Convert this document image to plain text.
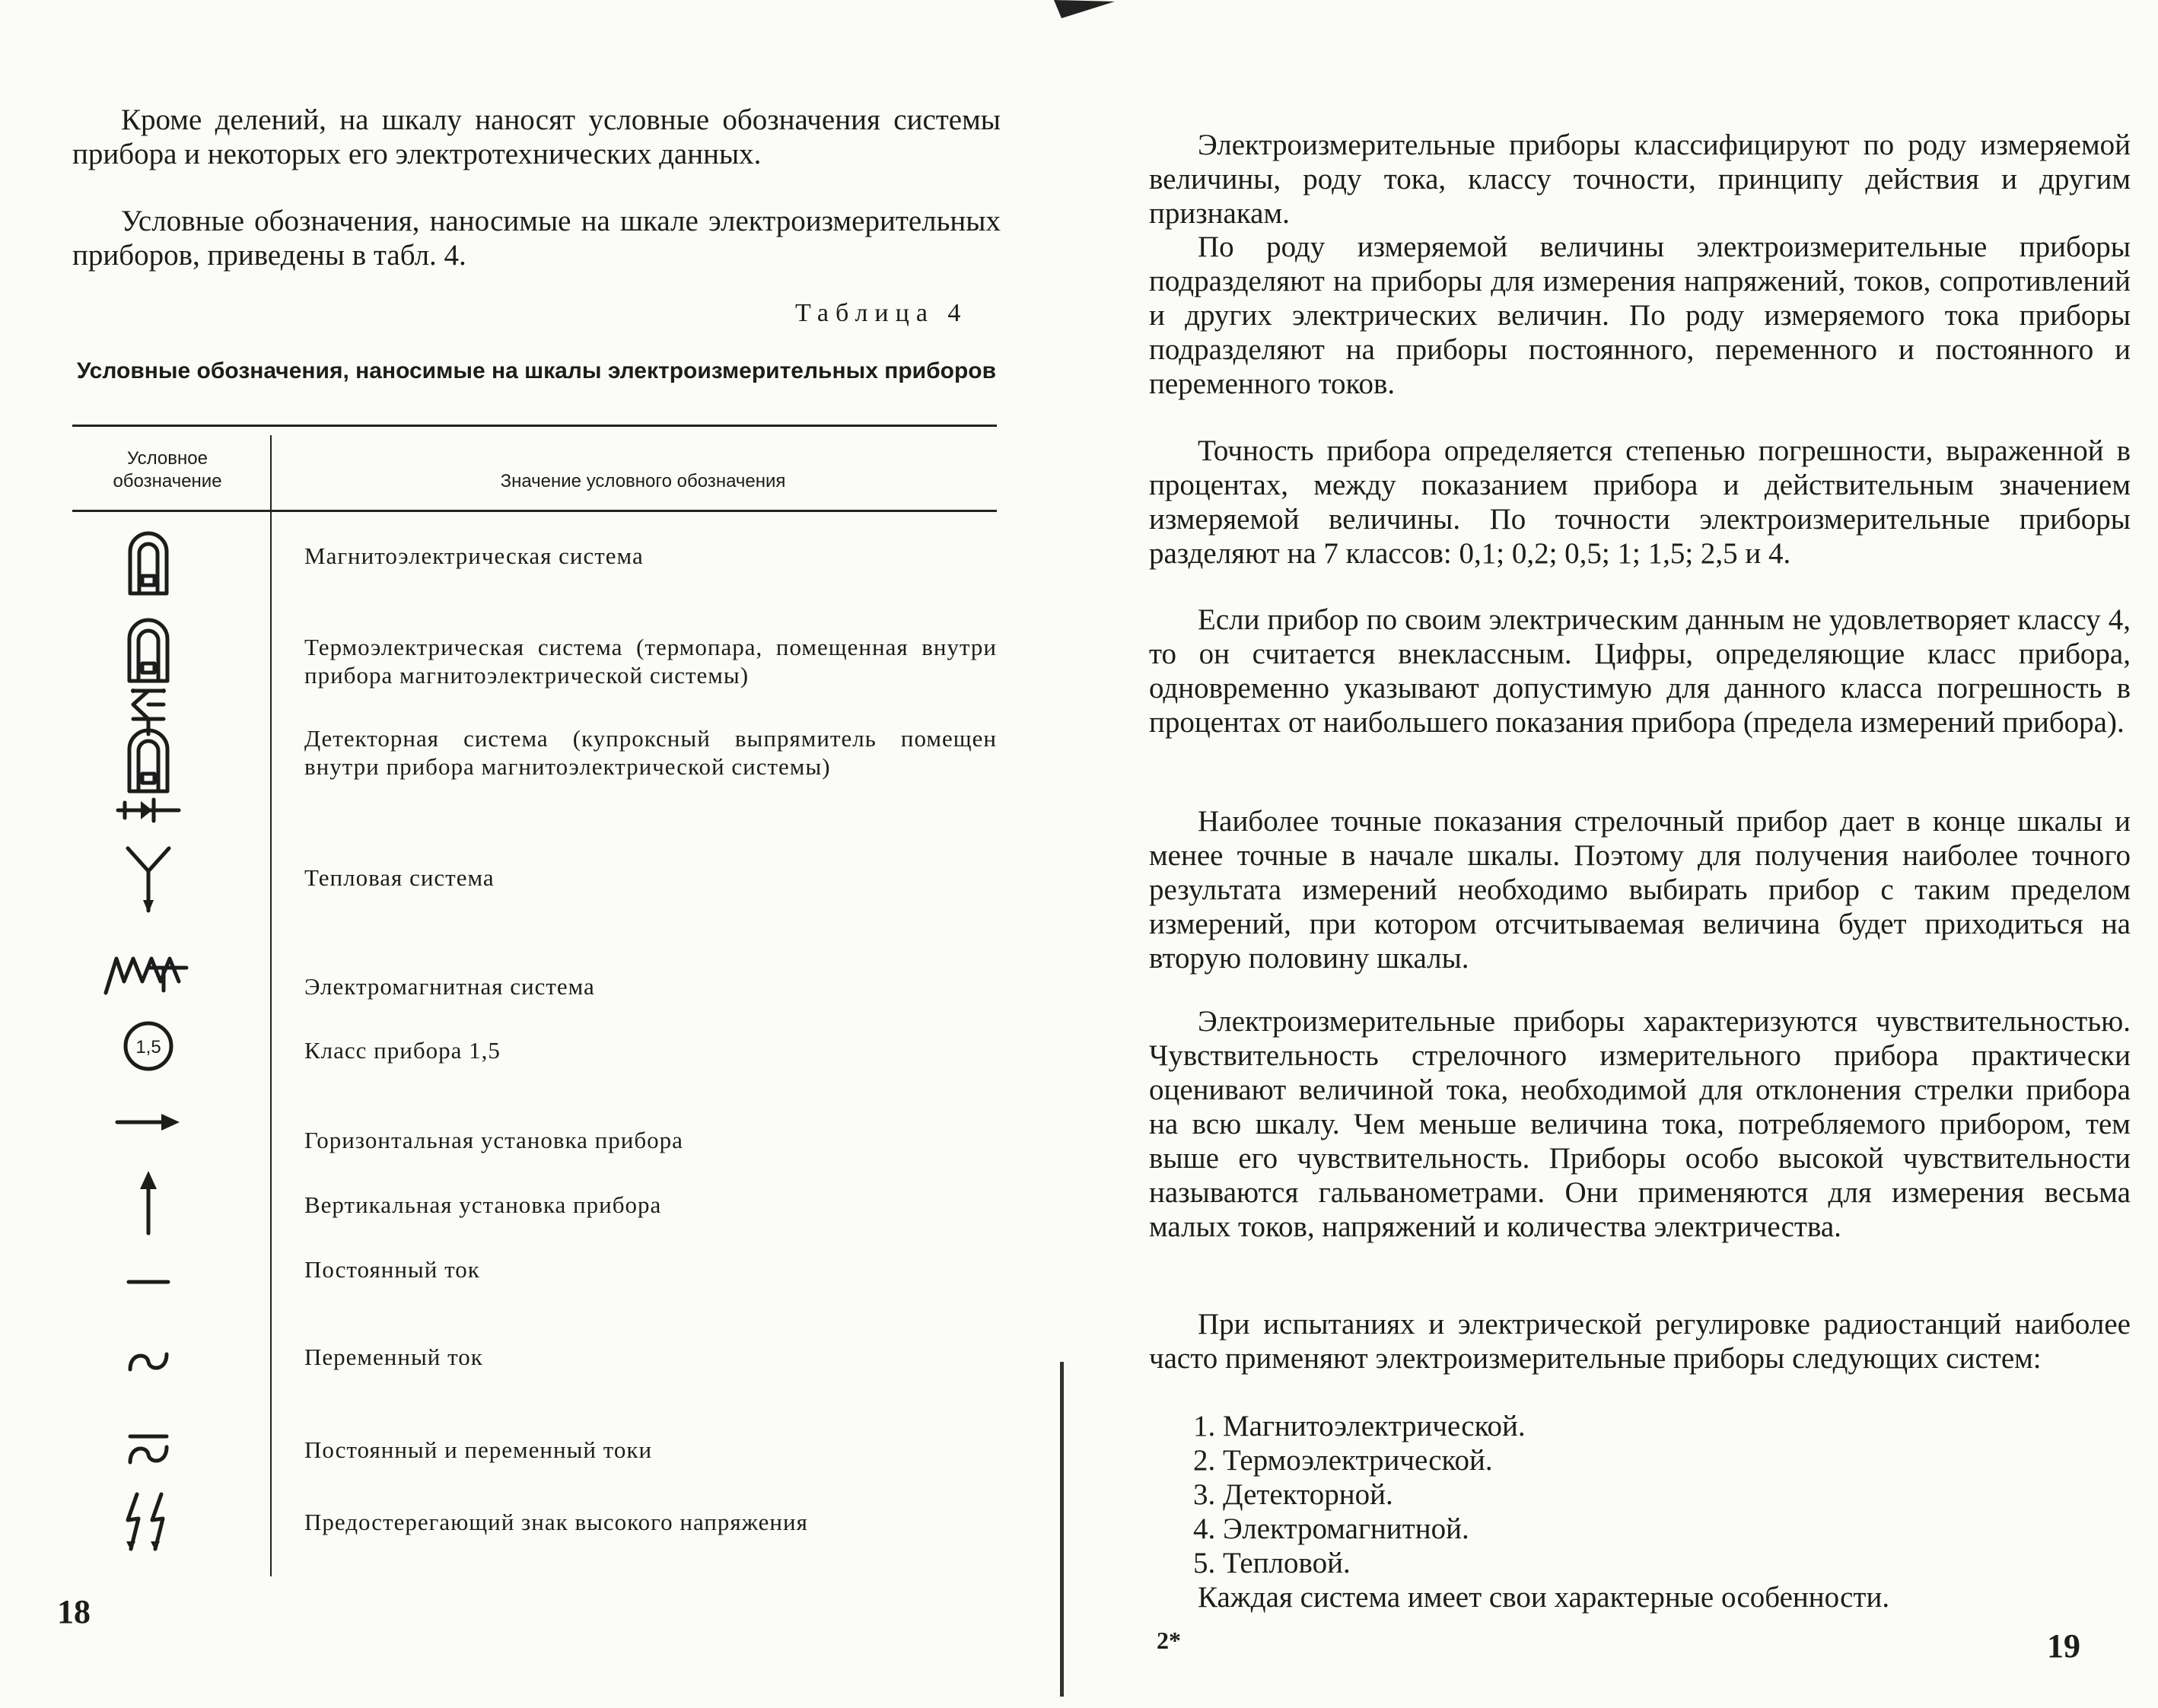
Кроме делений, на шкалу наносят условные обозначения системы прибора и некоторых его электротехнических данных.

Условные обозначения, наносимые на шкале электроизмерительных приборов, приведены в табл. 4.

Таблица 4
Условные обозначения, наносимые на шкалы электроизмерительных приборов
Условное обозначение	Значение условного обозначения
Магнитоэлектрическая система
Термоэлектрическая система (термопара, помещенная внутри прибора магнитоэлектрической системы)
Детекторная система (купроксный выпрямитель помещен внутри прибора магнитоэлектрической системы)
Тепловая система
Электромагнитная система
1,5	Класс прибора 1,5
Горизонтальная установка прибора
Вертикальная установка прибора
Постоянный ток
Переменный ток
Постоянный и переменный токи
Предостерегающий знак высокого напряжения
18

Электроизмерительные приборы классифицируют по роду измеряемой величины, роду тока, классу точности, принципу действия и другим признакам.

По роду измеряемой величины электроизмерительные приборы подразделяют на приборы для измерения напряжений, токов, сопротивлений и других электрических величин. По роду измеряемого тока приборы подразделяют на приборы постоянного, переменного и постоянного и переменного токов.

Точность прибора определяется степенью погрешности, выраженной в процентах, между показанием прибора и действительным значением измеряемой величины. По точности электроизмерительные приборы разделяют на 7 классов: 0,1; 0,2; 0,5; 1; 1,5; 2,5 и 4.

Если прибор по своим электрическим данным не удовлетворяет классу 4, то он считается внеклассным. Цифры, определяющие класс прибора, одновременно указывают допустимую для данного класса погрешность в процентах от наибольшего показания прибора (предела измерений прибора).

Наиболее точные показания стрелочный прибор дает в конце шкалы и менее точные в начале шкалы. Поэтому для получения наиболее точного результата измерений необходимо выбирать прибор с таким пределом измерений, при котором отсчитываемая величина будет приходиться на вторую половину шкалы.

Электроизмерительные приборы характеризуются чувствительностью. Чувствительность стрелочного измерительного прибора практически оценивают величиной тока, необходимой для отклонения стрелки прибора на всю шкалу. Чем меньше величина тока, потребляемого прибором, тем выше его чувствительность. Приборы особо высокой чувствительности называются гальванометрами. Они применяются для измерения весьма малых токов, напряжений и количества электричества.

При испытаниях и электрической регулировке радиостанций наиболее часто применяют электроизмерительные приборы следующих систем:

1. Магнитоэлектрической.
2. Термоэлектрической.
3. Детекторной.
4. Электромагнитной.
5. Тепловой.
Каждая система имеет свои характерные особенности.
2*	19
